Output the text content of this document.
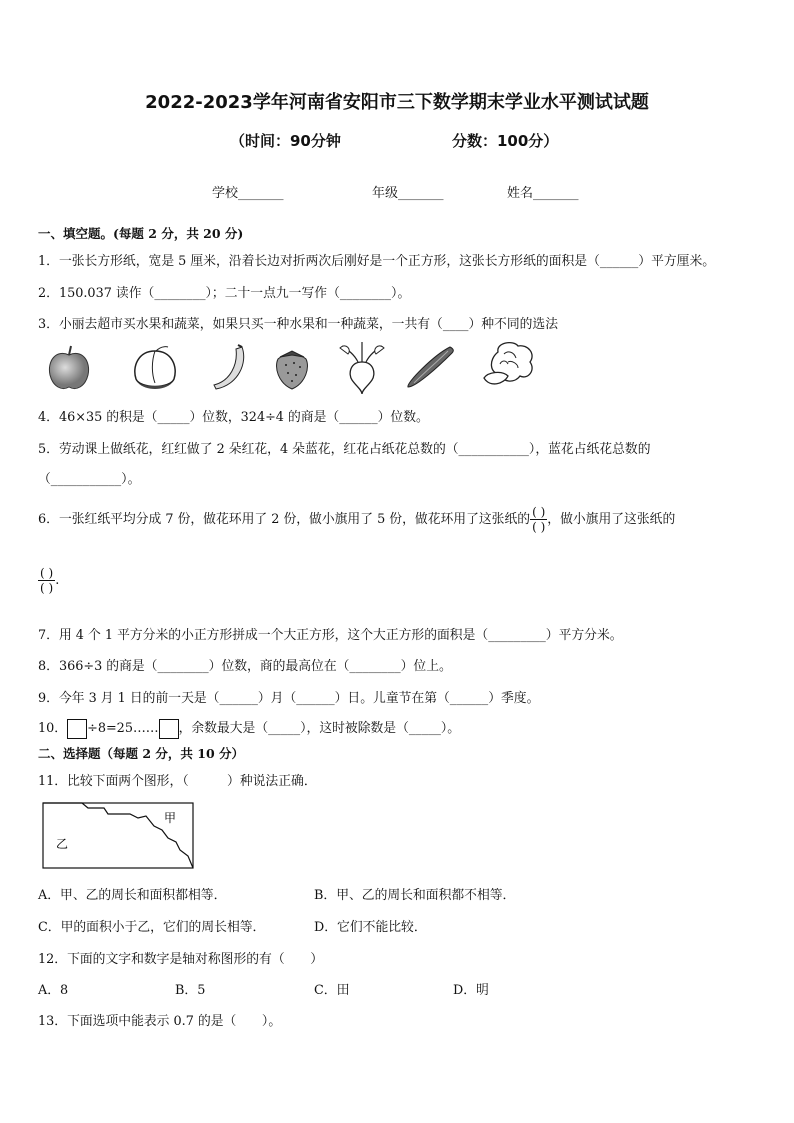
2022-2023学年河南省安阳市三下数学期末学业水平测试试题
（时间：90分钟	分数：100分）
学校_______	年级_______	姓名_______
一、填空题。(每题 2 分，共 20 分)
1．一张长方形纸，宽是 5 厘米，沿着长边对折两次后刚好是一个正方形，这张长方形纸的面积是（______）平方厘米。
2．150.037 读作（________）；二十一点九一写作（________）。
3．小丽去超市买水果和蔬菜，如果只买一种水果和一种蔬菜，一共有（____）种不同的选法
4．46×35 的积是（_____）位数，324÷4 的商是（______）位数。
5．劳动课上做纸花，红红做了 2 朵红花，4 朵蓝花，红花占纸花总数的（___________），蓝花占纸花总数的
（___________）。
6．一张红纸平均分成 7 份，做花环用了 2 份，做小旗用了 5 份，做花环用了这张纸的 $\frac{( )}{( )}$ ，做小旗用了这张纸的
$\frac{( )}{( )}$ .
7．用 4 个 1 平方分米的小正方形拼成一个大正方形，这个大正方形的面积是（_________）平方分米。
8．366÷3 的商是（________）位数，商的最高位在（________）位上。
9．今年 3 月 1 日的前一天是（______）月（______）日。儿童节在第（______）季度。
10． ÷8=25…… ，余数最大是（_____），这时被除数是（_____）。
二、选择题（每题 2 分，共 10 分）
11．比较下面两个图形，（　　　）种说法正确．
甲
乙
A．甲、乙的周长和面积都相等．	B．甲、乙的周长和面积都不相等．
C．甲的面积小于乙，它们的周长相等．	D．它们不能比较．
12．下面的文字和数字是轴对称图形的有（　　）
A．8	B．5	C．田	D．明
13．下面选项中能表示 0.7 的是（　　）。
